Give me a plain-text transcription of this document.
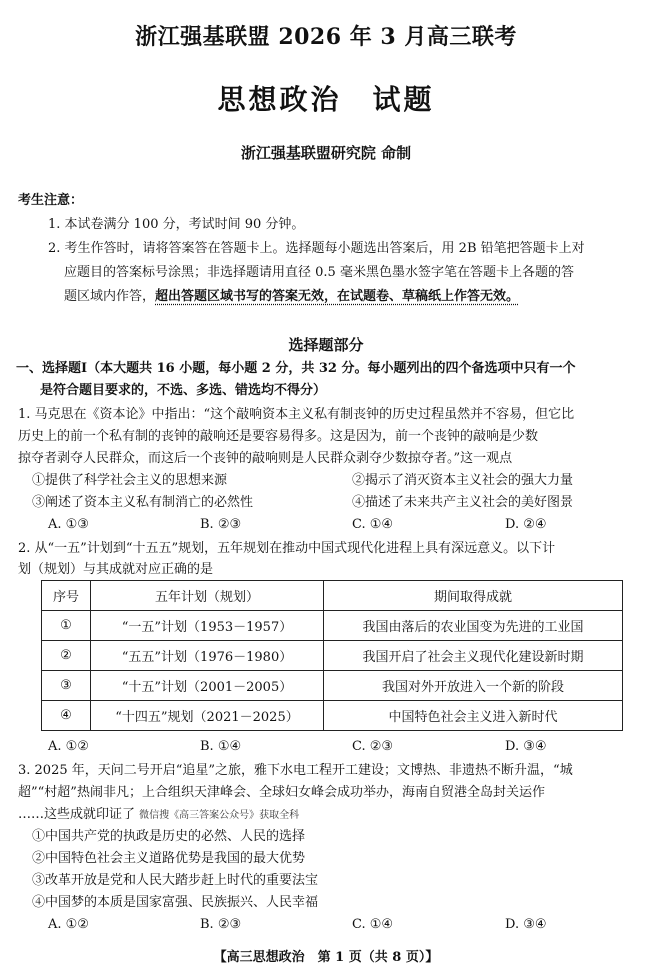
浙江强基联盟 2026 年 3 月高三联考
思想政治　试题
浙江强基联盟研究院 命制
考生注意：
1. 本试卷满分 100 分，考试时间 90 分钟。
2. 考生作答时，请将答案答在答题卡上。选择题每小题选出答案后，用 2B 铅笔把答题卡上对
应题目的答案标号涂黑；非选择题请用直径 0.5 毫米黑色墨水签字笔在答题卡上各题的答
题区域内作答，超出答题区域书写的答案无效，在试题卷、草稿纸上作答无效。
选择题部分
一、选择题Ⅰ（本大题共 16 小题，每小题 2 分，共 32 分。每小题列出的四个备选项中只有一个
是符合题目要求的，不选、多选、错选均不得分）
1. 马克思在《资本论》中指出：“这个敲响资本主义私有制丧钟的历史过程虽然并不容易，但它比
历史上的前一个私有制的丧钟的敲响还是要容易得多。这是因为，前一个丧钟的敲响是少数
掠夺者剥夺人民群众，而这后一个丧钟的敲响则是人民群众剥夺少数掠夺者。”这一观点
①提供了科学社会主义的思想来源	②揭示了消灭资本主义社会的强大力量
③阐述了资本主义私有制消亡的必然性	④描述了未来共产主义社会的美好图景
A. ①③	B. ②③	C. ①④	D. ②④
2. 从“一五”计划到“十五五”规划，五年规划在推动中国式现代化进程上具有深远意义。以下计
划（规划）与其成就对应正确的是
序号	五年计划（规划）	期间取得成就
①	“一五”计划（1953－1957）	我国由落后的农业国变为先进的工业国
②	“五五”计划（1976－1980）	我国开启了社会主义现代化建设新时期
③	“十五”计划（2001－2005）	我国对外开放进入一个新的阶段
④	“十四五”规划（2021－2025）	中国特色社会主义进入新时代
A. ①②	B. ①④	C. ②③	D. ③④
3. 2025 年，天问二号开启“追星”之旅，雅下水电工程开工建设；文博热、非遗热不断升温，“城
超”“村超”热闹非凡；上合组织天津峰会、全球妇女峰会成功举办，海南自贸港全岛封关运作
……这些成就印证了 微信搜《高三答案公众号》获取全科
①中国共产党的执政是历史的必然、人民的选择
②中国特色社会主义道路优势是我国的最大优势
③改革开放是党和人民大踏步赶上时代的重要法宝
④中国梦的本质是国家富强、民族振兴、人民幸福
A. ①②	B. ②③	C. ①④	D. ③④
【高三思想政治　第 1 页（共 8 页）】
